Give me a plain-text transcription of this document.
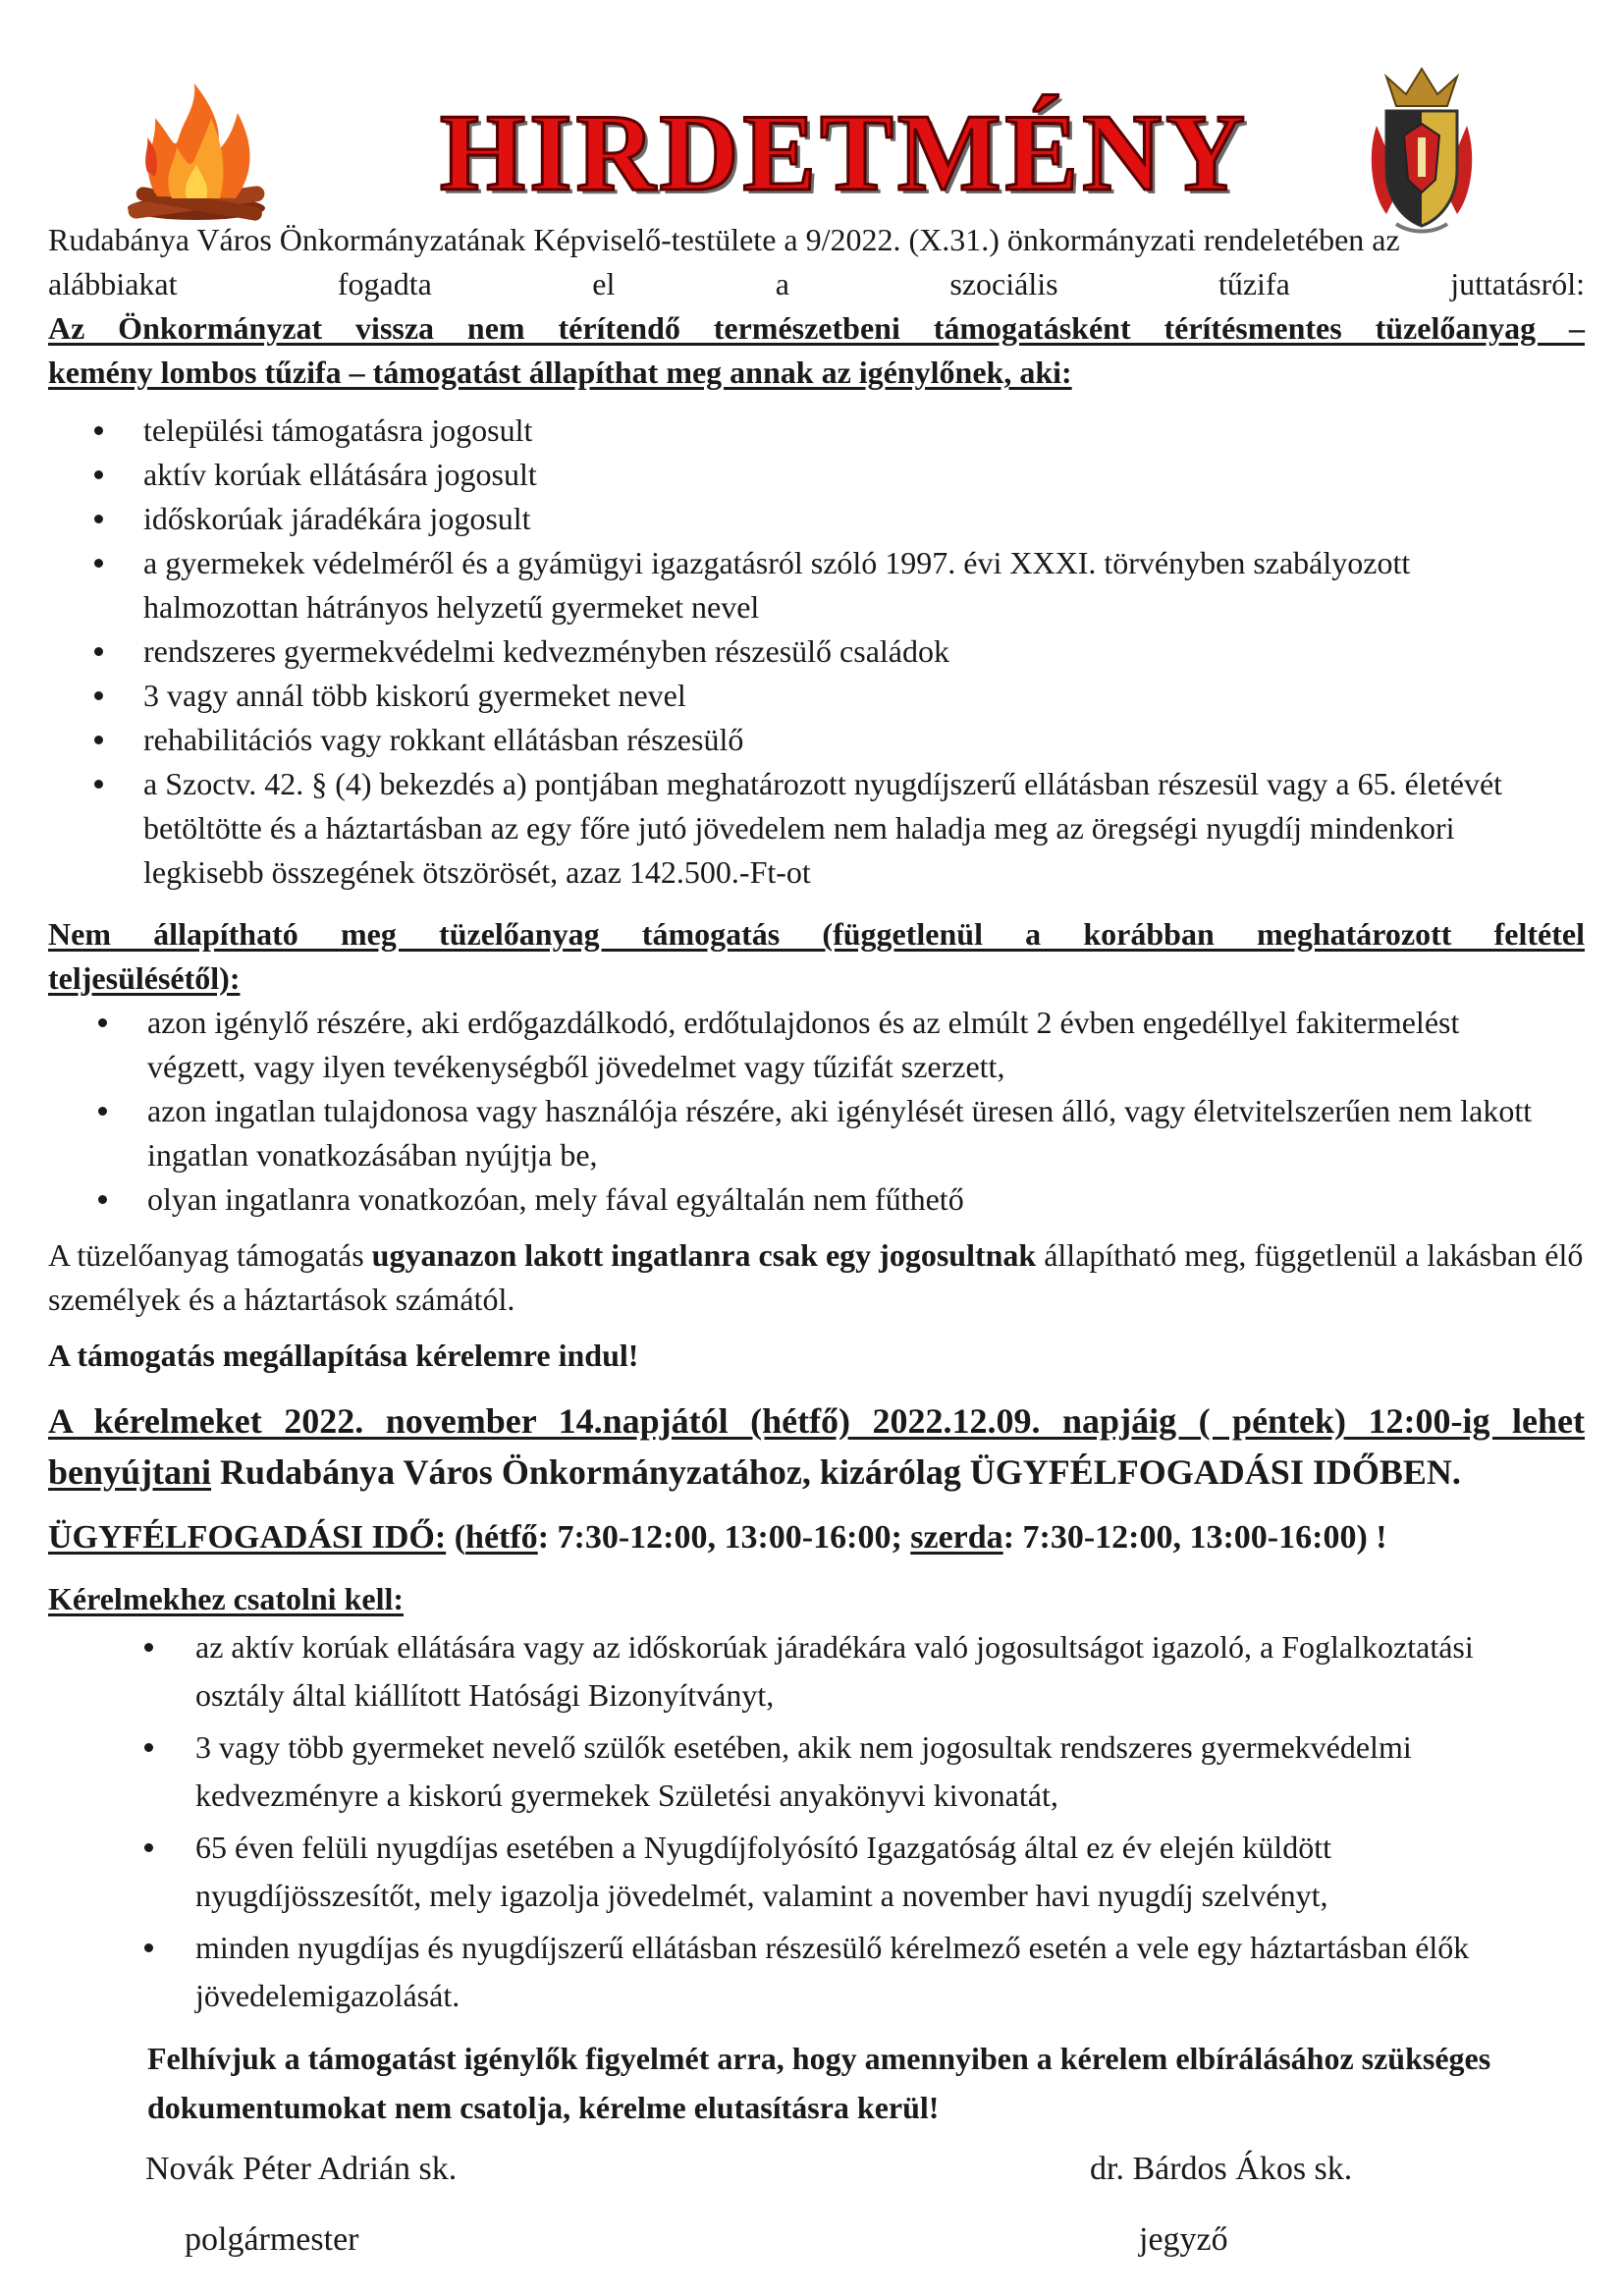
HIRDETMÉNY

Rudabánya Város Önkormányzatának Képviselő-testülete a 9/2022. (X.31.) önkormányzati rendeletében az

alábbiakat	fogadta	el	a	szociális	tűzifa	juttatásról:

Az Önkormányzat vissza nem térítendő természetbeni támogatásként térítésmentes tüzelőanyag –

kemény lombos tűzifa – támogatást állapíthat meg annak az igénylőnek, aki:

települési támogatásra jogosult
aktív korúak ellátására jogosult
időskorúak járadékára jogosult
a gyermekek védelméről és a gyámügyi igazgatásról szóló 1997. évi XXXI. törvényben szabályozott halmozottan hátrányos helyzetű gyermeket nevel
rendszeres gyermekvédelmi kedvezményben részesülő családok
3 vagy annál több kiskorú gyermeket nevel
rehabilitációs vagy rokkant ellátásban részesülő
a Szoctv. 42. § (4) bekezdés a) pontjában meghatározott nyugdíjszerű ellátásban részesül vagy a 65. életévét betöltötte és a háztartásban az egy főre jutó jövedelem nem haladja meg az öregségi nyugdíj mindenkori legkisebb összegének ötszörösét, azaz 142.500.-Ft-ot

Nem állapítható meg tüzelőanyag támogatás (függetlenül a korábban meghatározott feltétel

teljesülésétől):

azon igénylő részére, aki erdőgazdálkodó, erdőtulajdonos és az elmúlt 2 évben engedéllyel fakitermelést végzett, vagy ilyen tevékenységből jövedelmet vagy tűzifát szerzett,
azon ingatlan tulajdonosa vagy használója részére, aki igénylését üresen álló, vagy életvitelszerűen nem lakott ingatlan vonatkozásában nyújtja be,
olyan ingatlanra vonatkozóan, mely fával egyáltalán nem fűthető

A tüzelőanyag támogatás ugyanazon lakott ingatlanra csak egy jogosultnak állapítható meg, függetlenül a lakásban élő személyek és a háztartások számától.

A támogatás megállapítása kérelemre indul!

A kérelmeket 2022. november 14.napjától (hétfő) 2022.12.09. napjáig ( péntek) 12:00-ig lehet

benyújtani Rudabánya Város Önkormányzatához, kizárólag ÜGYFÉLFOGADÁSI IDŐBEN.

ÜGYFÉLFOGADÁSI IDŐ: (hétfő: 7:30-12:00, 13:00-16:00; szerda: 7:30-12:00, 13:00-16:00) !

Kérelmekhez csatolni kell:

az aktív korúak ellátására vagy az időskorúak járadékára való jogosultságot igazoló, a Foglalkoztatási osztály által kiállított Hatósági Bizonyítványt,
3 vagy több gyermeket nevelő szülők esetében, akik nem jogosultak rendszeres gyermekvédelmi kedvezményre a kiskorú gyermekek Születési anyakönyvi kivonatát,
65 éven felüli nyugdíjas esetében a Nyugdíjfolyósító Igazgatóság által ez év elején küldött nyugdíjösszesítőt, mely igazolja jövedelmét, valamint a november havi nyugdíj szelvényt,
minden nyugdíjas és nyugdíjszerű ellátásban részesülő kérelmező esetén a vele egy háztartásban élők jövedelemigazolását.

Felhívjuk a támogatást igénylők figyelmét arra, hogy amennyiben a kérelem elbírálásához szükséges dokumentumokat nem csatolja, kérelme elutasításra kerül!

Novák Péter Adrián sk.
polgármester
dr. Bárdos Ákos sk.
jegyző
